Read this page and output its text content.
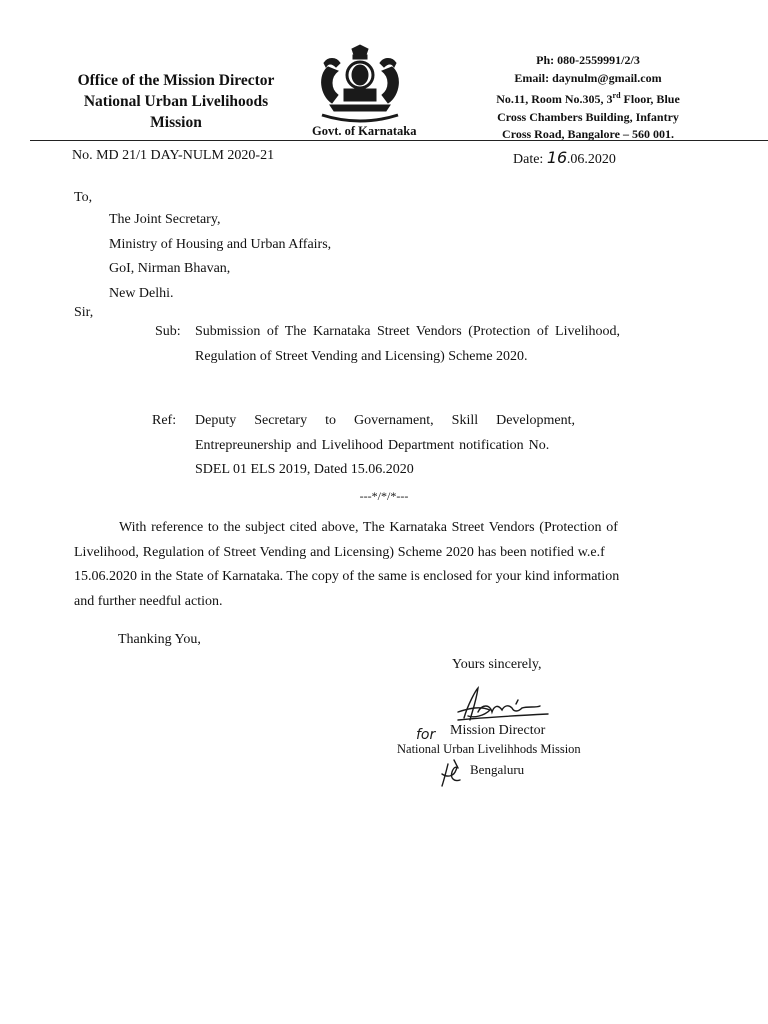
Office of the Mission Director
National Urban Livelihoods
Mission	Govt. of Karnataka
Ph: 080-2559991/2/3
Email: daynulm@gmail.com
No.11, Room No.305, 3rd Floor, Blue
Cross Chambers Building, Infantry
Cross Road, Bangalore – 560 001.
No. MD 21/1 DAY-NULM 2020-21	Date: 16.06.2020
To,
The Joint Secretary,
Ministry of Housing and Urban Affairs,
GoI, Nirman Bhavan,
New Delhi.
Sir,
Sub: Submission of The Karnataka Street Vendors (Protection of Livelihood, Regulation of Street Vending and Licensing) Scheme 2020.
Ref: Deputy Secretary to Governament, Skill Development,
Entrepreunership and Livelihood Department notification No.
SDEL 01 ELS 2019, Dated 15.06.2020
---*/*/*---
With reference to the subject cited above, The Karnataka Street Vendors (Protection of
Livelihood, Regulation of Street Vending and Licensing) Scheme 2020 has been notified w.e.f
15.06.2020 in the State of Karnataka. The copy of the same is enclosed for your kind information
and further needful action.
Thanking You,
Yours sincerely,
for Mission Director
National Urban Livelihhods Mission
Bengaluru
